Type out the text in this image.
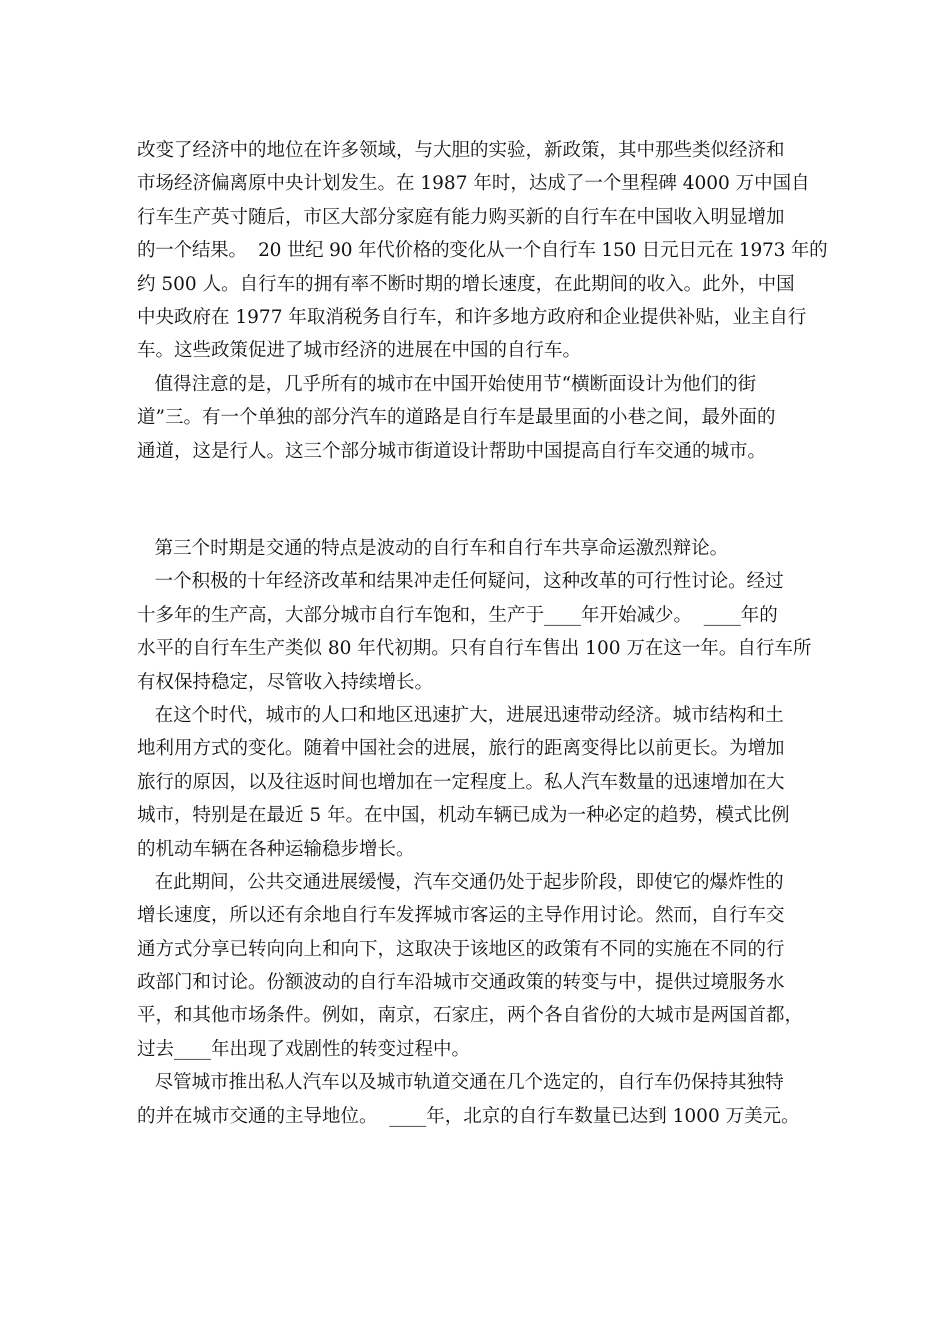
改变了经济中的地位在许多领域，与大胆的实验，新政策，其中那些类似经济和
市场经济偏离原中央计划发生。在 1987 年时，达成了一个里程碑 4000 万中国自
行车生产英寸随后，市区大部分家庭有能力购买新的自行车在中国收入明显增加
的一个结果。  20 世纪 90 年代价格的变化从一个自行车 150 日元日元在 1973 年的
约 500 人。自行车的拥有率不断时期的增长速度，在此期间的收入。此外，中国
中央政府在 1977 年取消税务自行车，和许多地方政府和企业提供补贴，业主自行
车。这些政策促进了城市经济的进展在中国的自行车。
值得注意的是，几乎所有的城市在中国开始使用节“横断面设计为他们的街
道”三。有一个单独的部分汽车的道路是自行车是最里面的小巷之间，最外面的
通道，这是行人。这三个部分城市街道设计帮助中国提高自行车交通的城市。
第三个时期是交通的特点是波动的自行车和自行车共享命运激烈辩论。
一个积极的十年经济改革和结果冲走任何疑问，这种改革的可行性讨论。经过
十多年的生产高，大部分城市自行车饱和，生产于____年开始减少。  ____年的
水平的自行车生产类似 80 年代初期。只有自行车售出 100 万在这一年。自行车所
有权保持稳定，尽管收入持续增长。
在这个时代，城市的人口和地区迅速扩大，进展迅速带动经济。城市结构和土
地利用方式的变化。随着中国社会的进展，旅行的距离变得比以前更长。为增加
旅行的原因，以及往返时间也增加在一定程度上。私人汽车数量的迅速增加在大
城市，特别是在最近 5 年。在中国，机动车辆已成为一种必定的趋势，模式比例
的机动车辆在各种运输稳步增长。
在此期间，公共交通进展缓慢，汽车交通仍处于起步阶段，即使它的爆炸性的
增长速度，所以还有余地自行车发挥城市客运的主导作用讨论。然而，自行车交
通方式分享已转向向上和向下，这取决于该地区的政策有不同的实施在不同的行
政部门和讨论。份额波动的自行车沿城市交通政策的转变与中，提供过境服务水
平，和其他市场条件。例如，南京，石家庄，两个各自省份的大城市是两国首都，
过去____年出现了戏剧性的转变过程中。
尽管城市推出私人汽车以及城市轨道交通在几个选定的，自行车仍保持其独特
的并在城市交通的主导地位。  ____年，北京的自行车数量已达到 1000 万美元。
